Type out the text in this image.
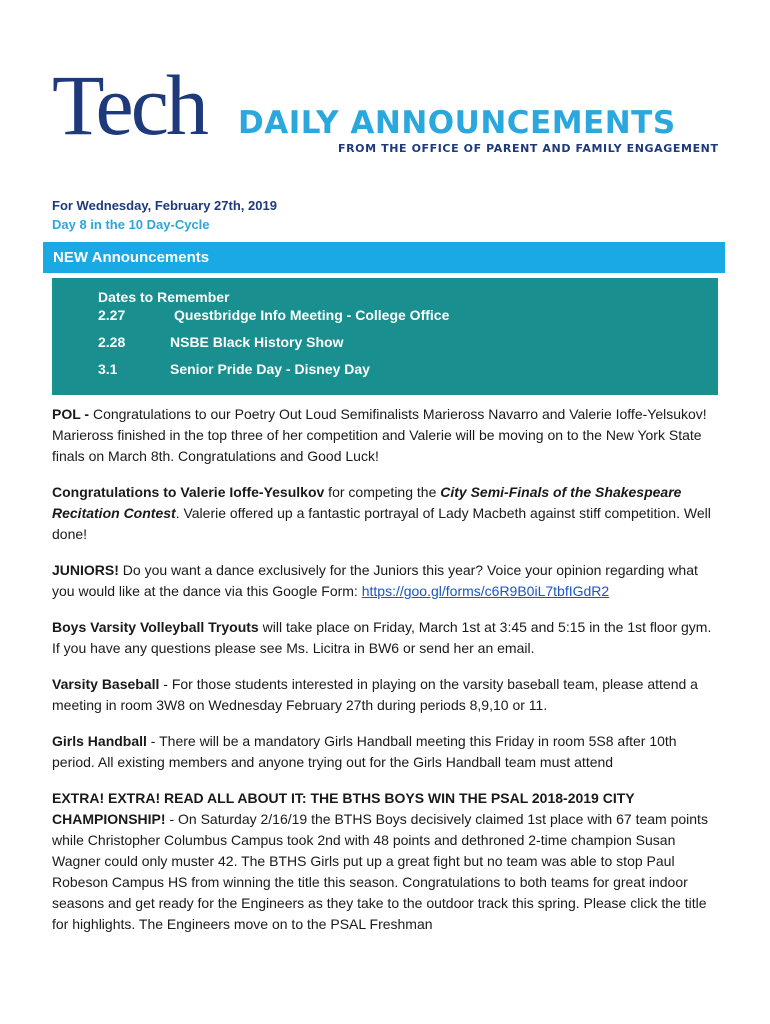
Tech DAILY ANNOUNCEMENTS
FROM THE OFFICE OF PARENT AND FAMILY ENGAGEMENT
For Wednesday, February 27th, 2019
Day 8 in the 10 Day-Cycle
NEW Announcements
Dates to Remember
2.27	Questbridge Info Meeting - College Office
2.28	NSBE Black History Show
3.1	Senior Pride Day - Disney Day

POL - Congratulations to our Poetry Out Loud Semifinalists Marieross Navarro and Valerie Ioffe-Yelsukov! Marieross finished in the top three of her competition and Valerie will be moving on to the New York State finals on March 8th. Congratulations and Good Luck!

Congratulations to Valerie Ioffe-Yesulkov for competing the City Semi-Finals of the Shakespeare Recitation Contest. Valerie offered up a fantastic portrayal of Lady Macbeth against stiff competition. Well done!

JUNIORS! Do you want a dance exclusively for the Juniors this year? Voice your opinion regarding what you would like at the dance via this Google Form: https://goo.gl/forms/c6R9B0iL7tbfIGdR2

Boys Varsity Volleyball Tryouts will take place on Friday, March 1st at 3:45 and 5:15 in the 1st floor gym. If you have any questions please see Ms. Licitra in BW6 or send her an email.

Varsity Baseball - For those students interested in playing on the varsity baseball team, please attend a meeting in room 3W8 on Wednesday February 27th during periods 8,9,10 or 11.

Girls Handball - There will be a mandatory Girls Handball meeting this Friday in room 5S8 after 10th period. All existing members and anyone trying out for the Girls Handball team must attend

EXTRA! EXTRA! READ ALL ABOUT IT: THE BTHS BOYS WIN THE PSAL 2018-2019 CITY CHAMPIONSHIP! - On Saturday 2/16/19 the BTHS Boys decisively claimed 1st place with 67 team points while Christopher Columbus Campus took 2nd with 48 points and dethroned 2-time champion Susan Wagner could only muster 42. The BTHS Girls put up a great fight but no team was able to stop Paul Robeson Campus HS from winning the title this season. Congratulations to both teams for great indoor seasons and get ready for the Engineers as they take to the outdoor track this spring. Please click the title for highlights. The Engineers move on to the PSAL Freshman
